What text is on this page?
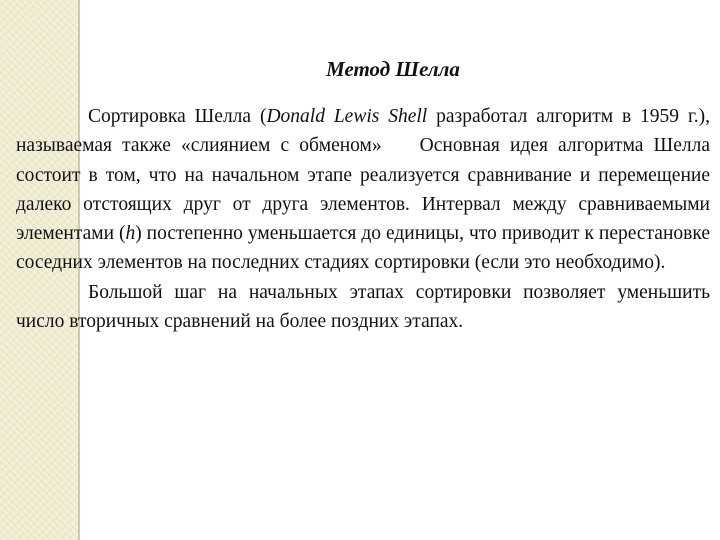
Метод Шелла

Сортировка Шелла (Donald Lewis Shell разработал алгоритм в 1959 г.), называемая также «слиянием с обменом» Основная идея алгоритма Шелла состоит в том, что на начальном этапе реализуется сравнивание и перемещение далеко отстоящих друг от друга элементов. Интервал между сравниваемыми элементами (h) постепенно уменьшается до единицы, что приводит к перестановке соседних элементов на последних стадиях сортировки (если это необходимо).

Большой шаг на начальных этапах сортировки позволяет уменьшить число вторичных сравнений на более поздних этапах.
